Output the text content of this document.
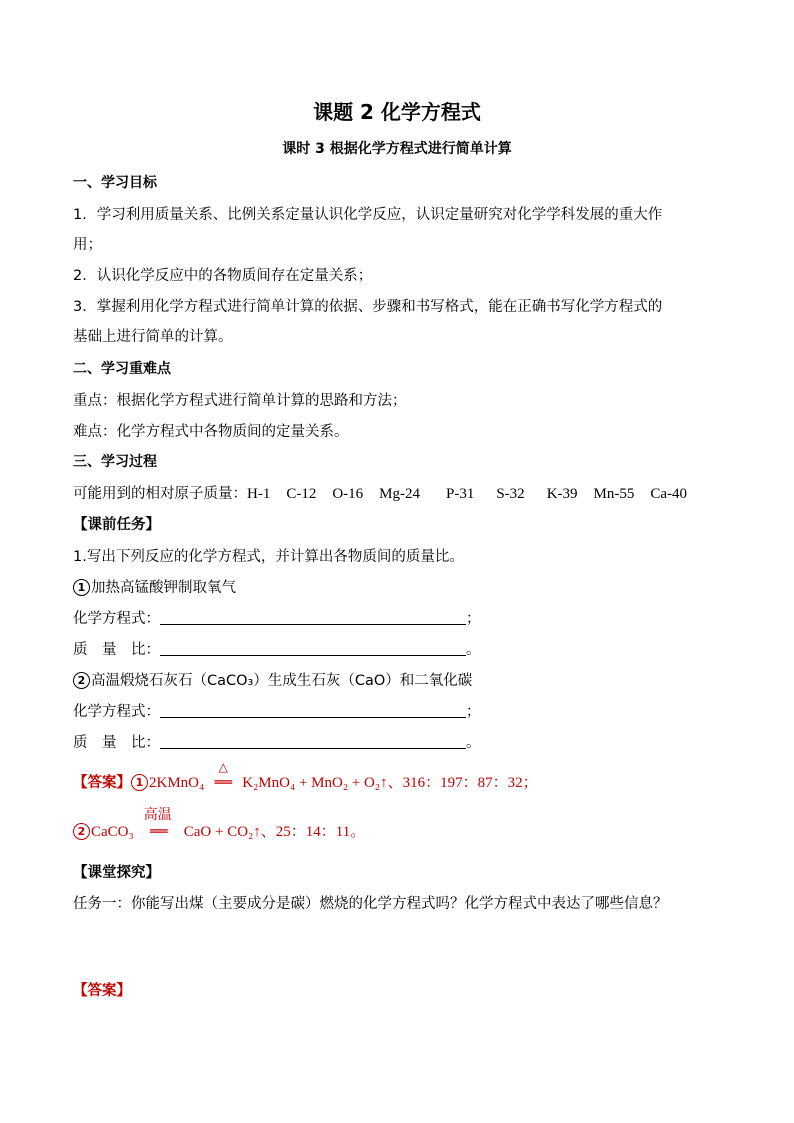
课题 2 化学方程式
课时 3 根据化学方程式进行简单计算
一、学习目标
1．学习利用质量关系、比例关系定量认识化学反应，认识定量研究对化学学科发展的重大作
用；
2．认识化学反应中的各物质间存在定量关系；
3．掌握利用化学方程式进行简单计算的依据、步骤和书写格式，能在正确书写化学方程式的
基础上进行简单的计算。
二、学习重难点
重点：根据化学方程式进行简单计算的思路和方法；
难点：化学方程式中各物质间的定量关系。
三、学习过程
可能用到的相对原子质量：H-1 C-12 O-16 Mg-24 P-31 S-32 K-39 Mn-55 Ca-40
【课前任务】
1.写出下列反应的化学方程式，并计算出各物质间的质量比。
1 加热高锰酸钾制取氧气
化学方程式：	；
质　量　比：	。
2 高温煅烧石灰石（CaCO₃）生成生石灰（CaO）和二氧化碳
化学方程式：	；
质　量　比：	。
【答案】 1 2KMnO₄
△
══ K₂MnO₄ + MnO₂ + O₂↑、316：197：87：32；
2 CaCO₃
高温
══ CaO + CO₂↑、25：14：11。
【课堂探究】
任务一：你能写出煤（主要成分是碳）燃烧的化学方程式吗？化学方程式中表达了哪些信息？
【答案】
